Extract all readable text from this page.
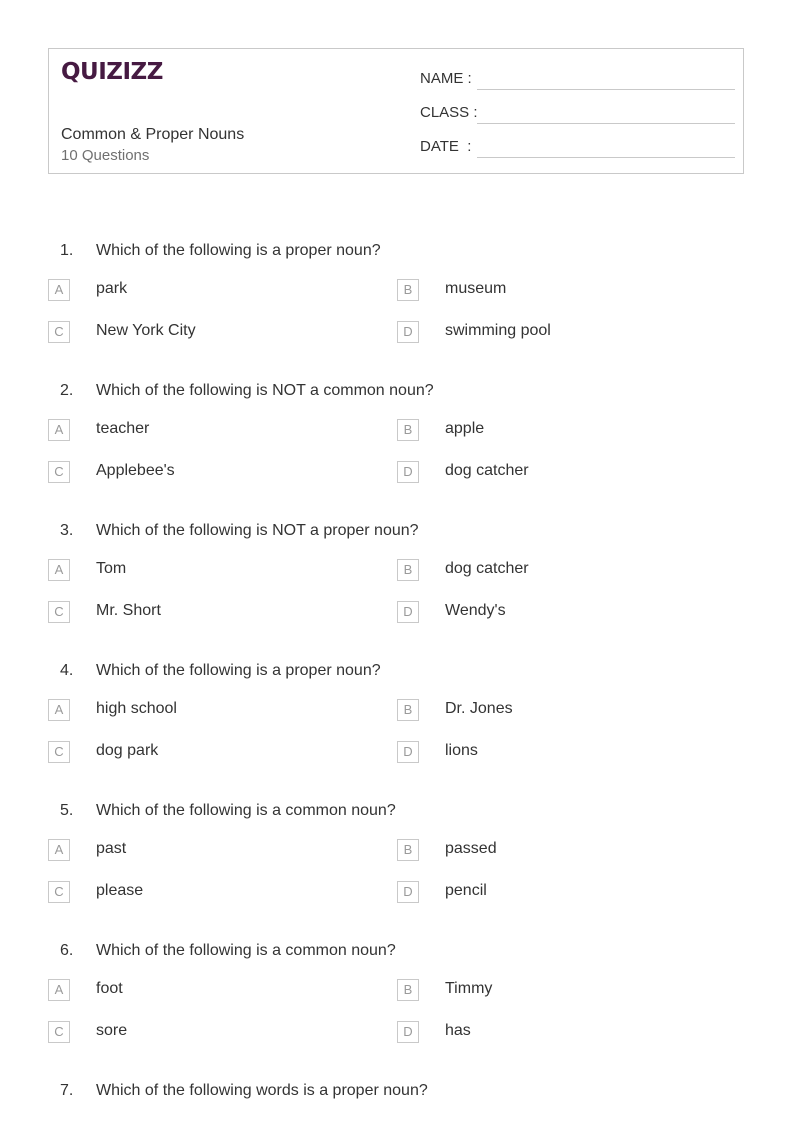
QUIZIZZ
Common & Proper Nouns
10 Questions
NAME :
CLASS :
DATE  :
1. Which of the following is a proper noun?
A	park	B	museum
C	New York City	D	swimming pool
2. Which of the following is NOT a common noun?
A	teacher	B	apple
C	Applebee's	D	dog catcher
3. Which of the following is NOT a proper noun?
A	Tom	B	dog catcher
C	Mr. Short	D	Wendy's
4. Which of the following is a proper noun?
A	high school	B	Dr. Jones
C	dog park	D	lions
5. Which of the following is a common noun?
A	past	B	passed
C	please	D	pencil
6. Which of the following is a common noun?
A	foot	B	Timmy
C	sore	D	has
7. Which of the following words is a proper noun?
